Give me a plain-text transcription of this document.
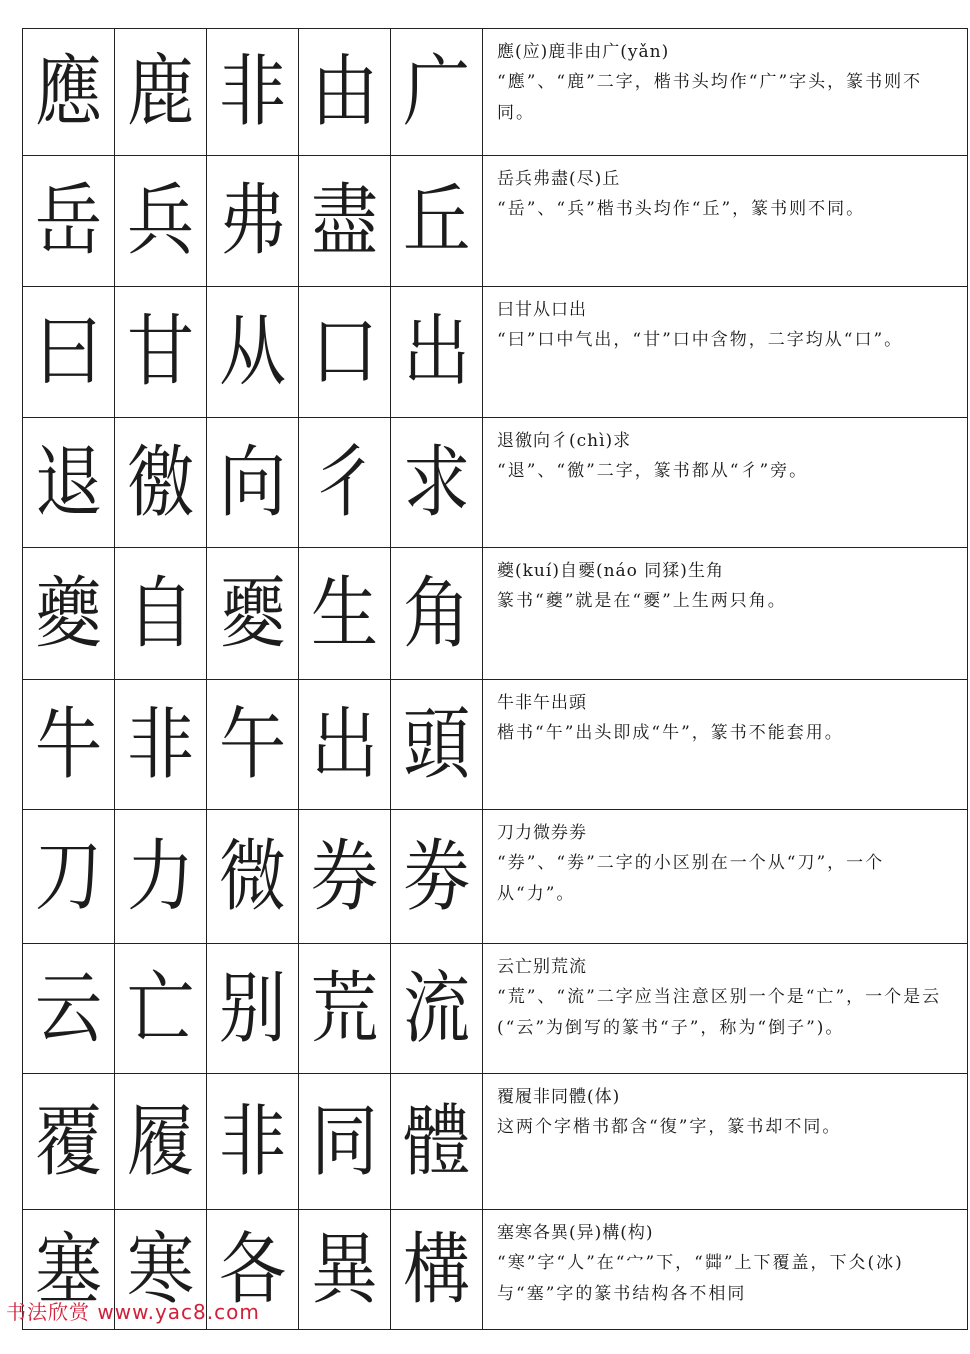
應	鹿	非	由	广	應(应)鹿非由广(yǎn)
“應”、“鹿”二字，楷书头均作“广”字头，篆书则不同。

岳	兵	弗	盡	丘	岳兵弗盡(尽)丘
“岳”、“兵”楷书头均作“丘”，篆书则不同。

曰	甘	从	口	出	曰甘从口出
“曰”口中气出，“甘”口中含物，二字均从“口”。

退	徼	向	彳	求	退徼向彳(chì)求
“退”、“徼”二字，篆书都从“彳”旁。

夔	自	夒	生	角	夔(kuí)自夒(náo 同猱)生角
篆书“夔”就是在“夒”上生两只角。

牛	非	午	出	頭	牛非午出頭
楷书“午”出头即成“牛”，篆书不能套用。

刀	力	微	券	劵	刀力微券劵
“券”、“劵”二字的小区别在一个从“刀”，一个从“力”。

云	亡	别	荒	流	云亡别荒流
“荒”、“流”二字应当注意区别一个是“亡”，一个是云(“云”为倒写的篆书“子”，称为“倒子”)。

覆	履	非	同	體	覆履非同體(体)
这两个字楷书都含“復”字，篆书却不同。

塞	寒	各	異	構	塞寒各異(异)構(构)
“寒”字“人”在“宀”下，“茻”上下覆盖，下仌(冰)与“塞”字的篆书结构各不相同
书法欣赏 www.yac8.com
